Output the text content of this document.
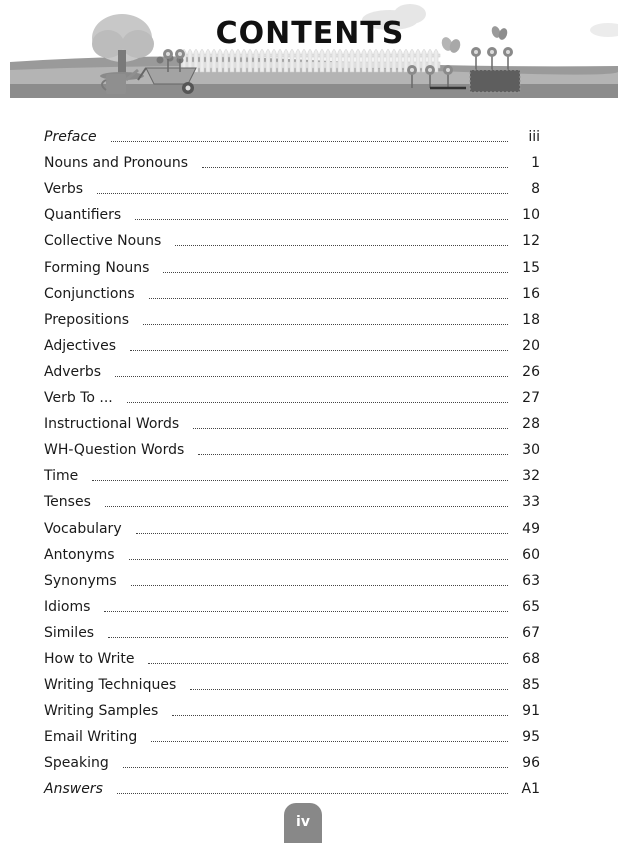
CONTENTS
Preface	iii
Nouns and Pronouns	1
Verbs	8
Quantifiers	10
Collective Nouns	12
Forming Nouns	15
Conjunctions	16
Prepositions	18
Adjectives	20
Adverbs	26
Verb To ...	27
Instructional Words	28
WH-Question Words	30
Time	32
Tenses	33
Vocabulary	49
Antonyms	60
Synonyms	63
Idioms	65
Similes	67
How to Write	68
Writing Techniques	85
Writing Samples	91
Email Writing	95
Speaking	96
Answers	A1
iv
